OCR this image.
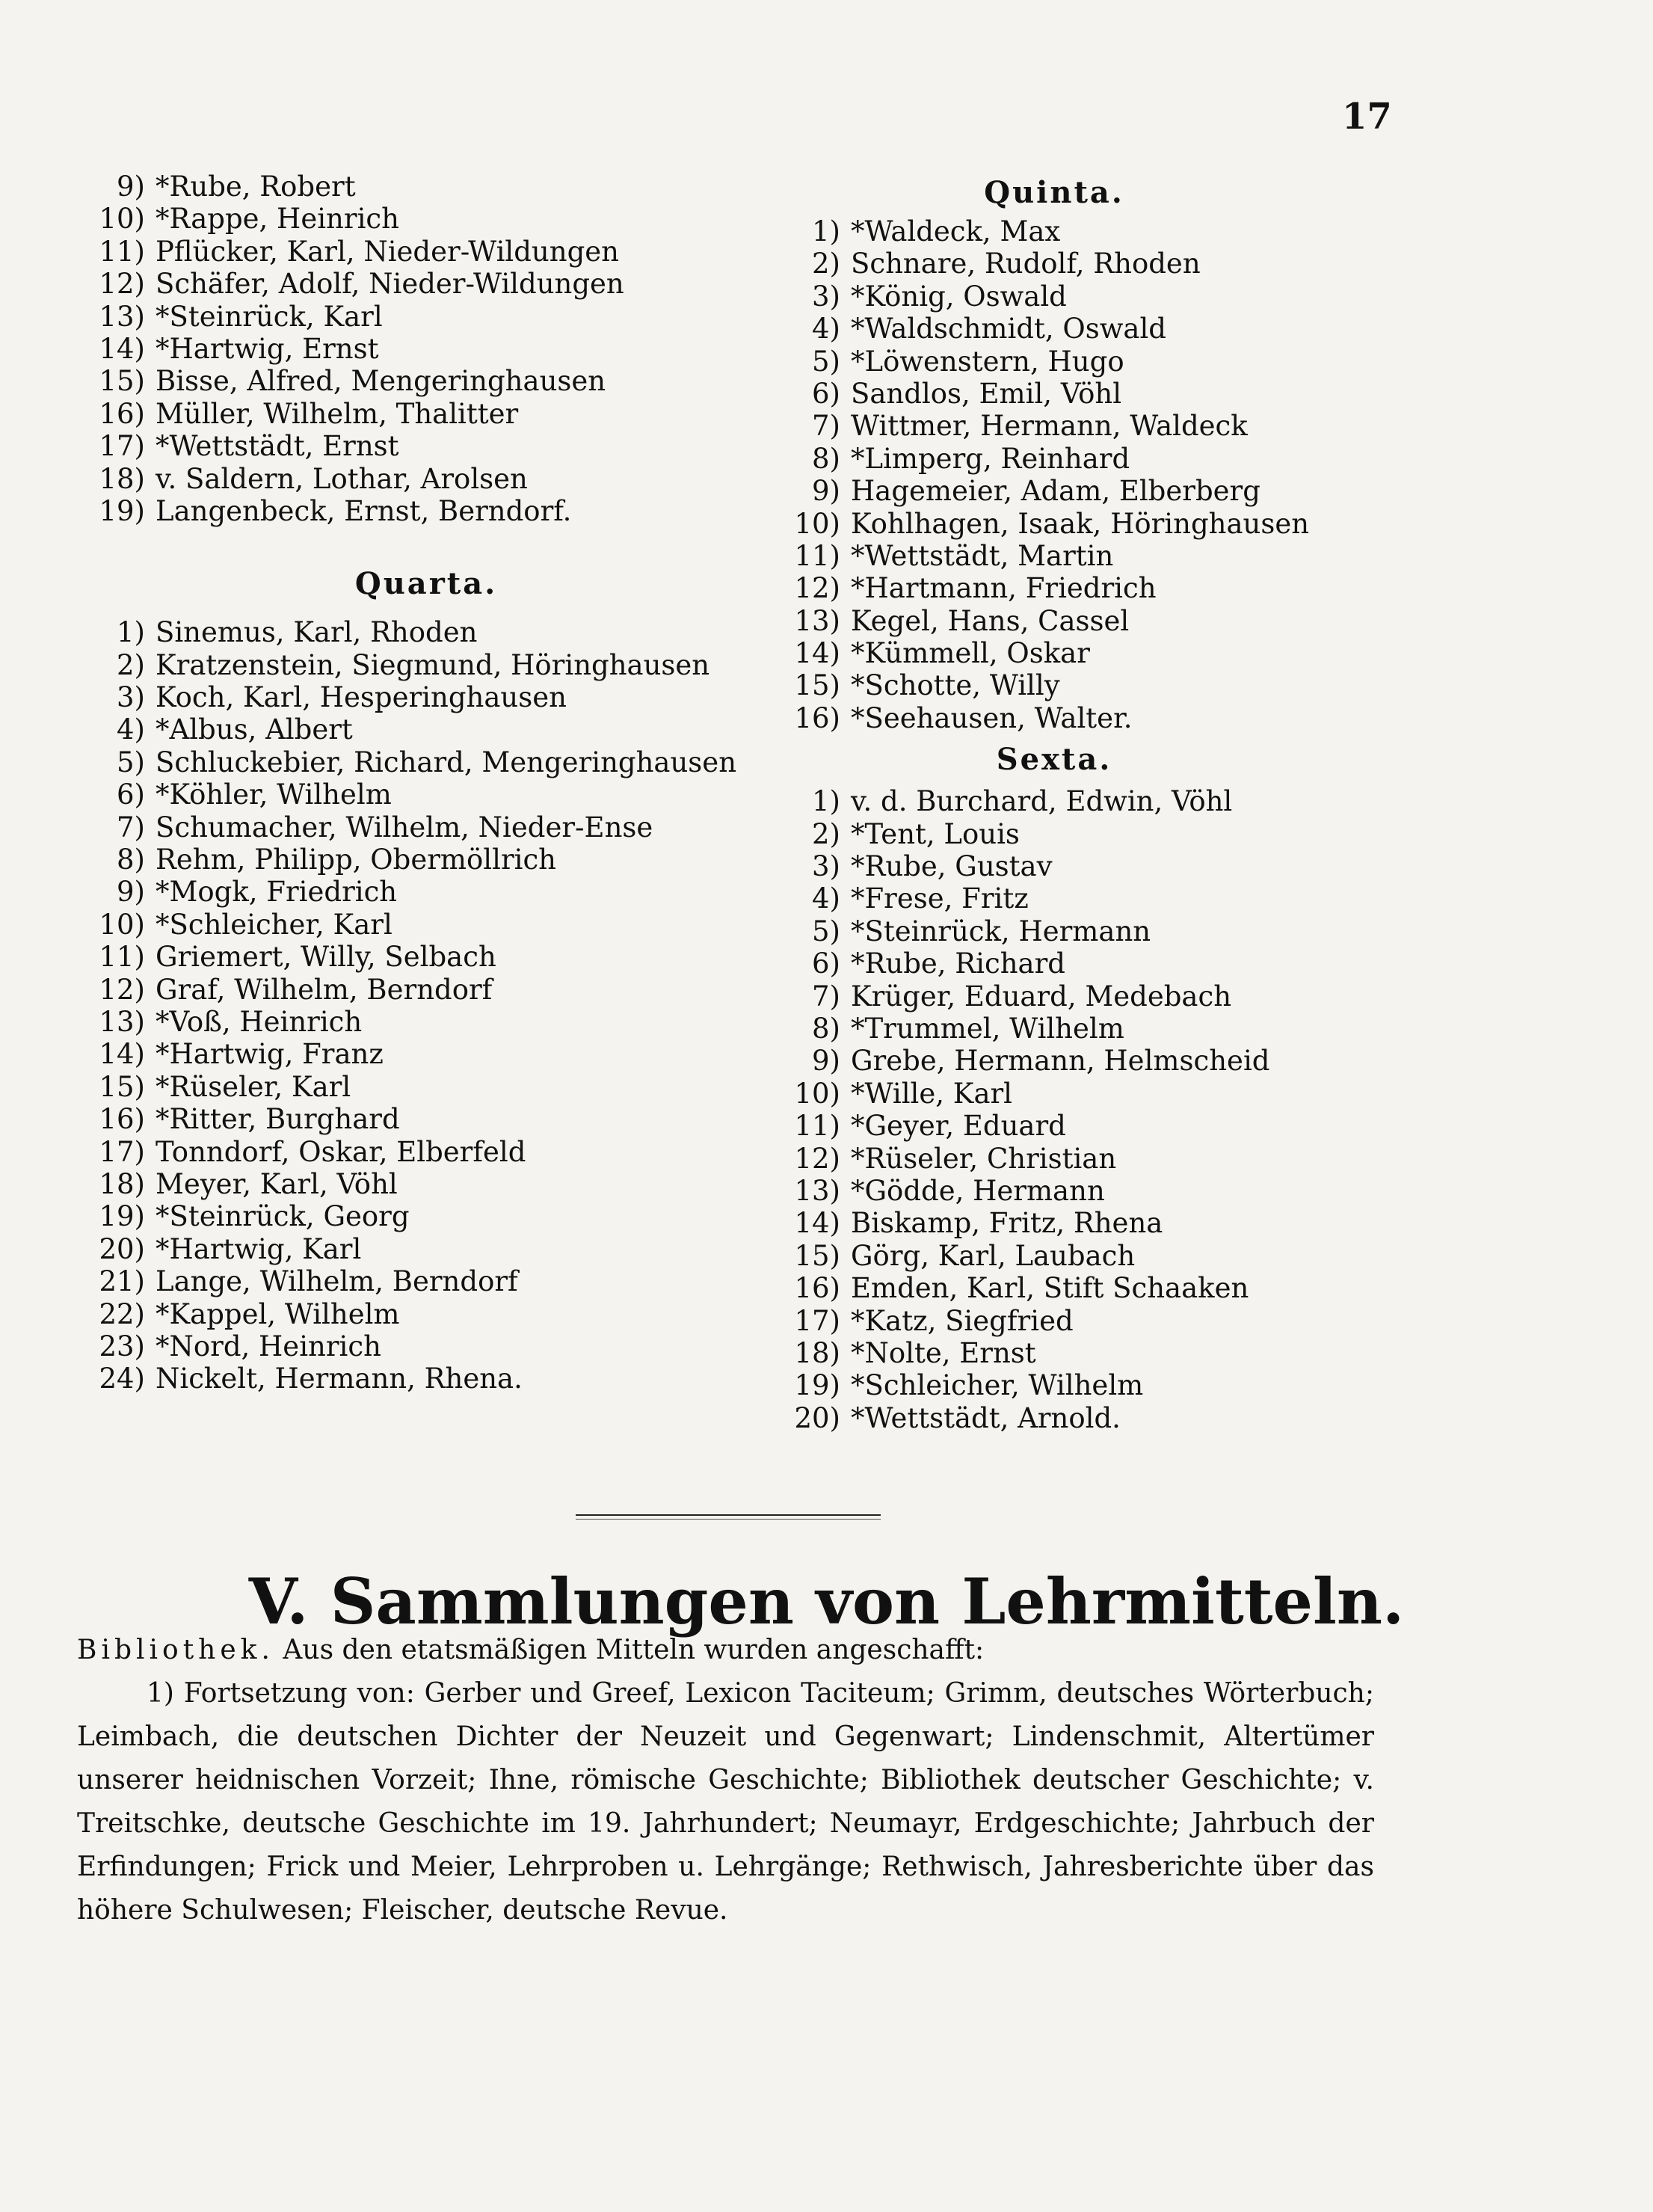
17
9) *Rube, Robert
10) *Rappe, Heinrich
11) Pflücker, Karl, Nieder-Wildungen
12) Schäfer, Adolf, Nieder-Wildungen
13) *Steinrück, Karl
14) *Hartwig, Ernst
15) Bisse, Alfred, Mengeringhausen
16) Müller, Wilhelm, Thalitter
17) *Wettstädt, Ernst
18) v. Saldern, Lothar, Arolsen
19) Langenbeck, Ernst, Berndorf.
Quarta.
1) Sinemus, Karl, Rhoden
2) Kratzenstein, Siegmund, Höringhausen
3) Koch, Karl, Hesperinghausen
4) *Albus, Albert
5) Schluckebier, Richard, Mengeringhausen
6) *Köhler, Wilhelm
7) Schumacher, Wilhelm, Nieder-Ense
8) Rehm, Philipp, Obermöllrich
9) *Mogk, Friedrich
10) *Schleicher, Karl
11) Griemert, Willy, Selbach
12) Graf, Wilhelm, Berndorf
13) *Voß, Heinrich
14) *Hartwig, Franz
15) *Rüseler, Karl
16) *Ritter, Burghard
17) Tonndorf, Oskar, Elberfeld
18) Meyer, Karl, Vöhl
19) *Steinrück, Georg
20) *Hartwig, Karl
21) Lange, Wilhelm, Berndorf
22) *Kappel, Wilhelm
23) *Nord, Heinrich
24) Nickelt, Hermann, Rhena.
Quinta.
1) *Waldeck, Max
2) Schnare, Rudolf, Rhoden
3) *König, Oswald
4) *Waldschmidt, Oswald
5) *Löwenstern, Hugo
6) Sandlos, Emil, Vöhl
7) Wittmer, Hermann, Waldeck
8) *Limperg, Reinhard
9) Hagemeier, Adam, Elberberg
10) Kohlhagen, Isaak, Höringhausen
11) *Wettstädt, Martin
12) *Hartmann, Friedrich
13) Kegel, Hans, Cassel
14) *Kümmell, Oskar
15) *Schotte, Willy
16) *Seehausen, Walter.
Sexta.
1) v. d. Burchard, Edwin, Vöhl
2) *Tent, Louis
3) *Rube, Gustav
4) *Frese, Fritz
5) *Steinrück, Hermann
6) *Rube, Richard
7) Krüger, Eduard, Medebach
8) *Trummel, Wilhelm
9) Grebe, Hermann, Helmscheid
10) *Wille, Karl
11) *Geyer, Eduard
12) *Rüseler, Christian
13) *Gödde, Hermann
14) Biskamp, Fritz, Rhena
15) Görg, Karl, Laubach
16) Emden, Karl, Stift Schaaken
17) *Katz, Siegfried
18) *Nolte, Ernst
19) *Schleicher, Wilhelm
20) *Wettstädt, Arnold.
V. Sammlungen von Lehrmitteln.
Bibliothek. Aus den etatsmäßigen Mitteln wurden angeschafft:
1) Fortsetzung von: Gerber und Greef, Lexicon Taciteum; Grimm, deutsches Wörterbuch; Leimbach, die deutschen Dichter der Neuzeit und Gegenwart; Lindenschmit, Altertümer unserer heidnischen Vorzeit; Ihne, römische Geschichte; Bibliothek deutscher Geschichte; v. Treitschke, deutsche Geschichte im 19. Jahrhundert; Neumayr, Erdgeschichte; Jahrbuch der Erfindungen; Frick und Meier, Lehrproben u. Lehrgänge; Rethwisch, Jahresberichte über das höhere Schulwesen; Fleischer, deutsche Revue.
